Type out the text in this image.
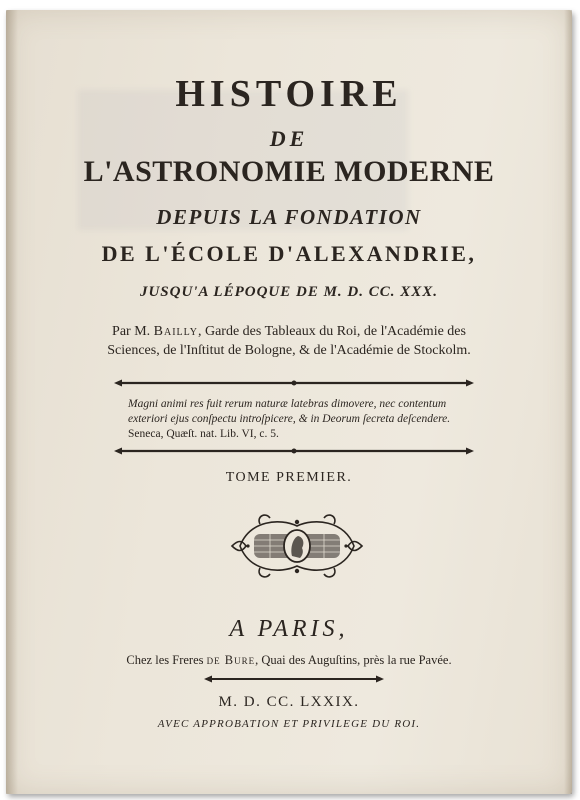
HISTOIRE
DE
L'ASTRONOMIE MODERNE
DEPUIS LA FONDATION
DE L'ÉCOLE D'ALEXANDRIE,
JUSQU'A LÉPOQUE DE M. D. CC. XXX.
Par M. Bailly, Garde des Tableaux du Roi, de l'Académie des
Sciences, de l'Inſtitut de Bologne, & de l'Académie de Stockolm.
Magni animi res fuit rerum naturæ latebras dimovere, nec contentum
exteriori ejus conſpectu introſpicere, & in Deorum ſecreta deſcendere.
Seneca, Quæſt. nat. Lib. VI, c. 5.
TOME PREMIER.
A PARIS,
Chez les Freres de Bure, Quai des Auguſtins, près la rue Pavée.
M. D. CC. LXXIX.
AVEC APPROBATION ET PRIVILEGE DU ROI.
